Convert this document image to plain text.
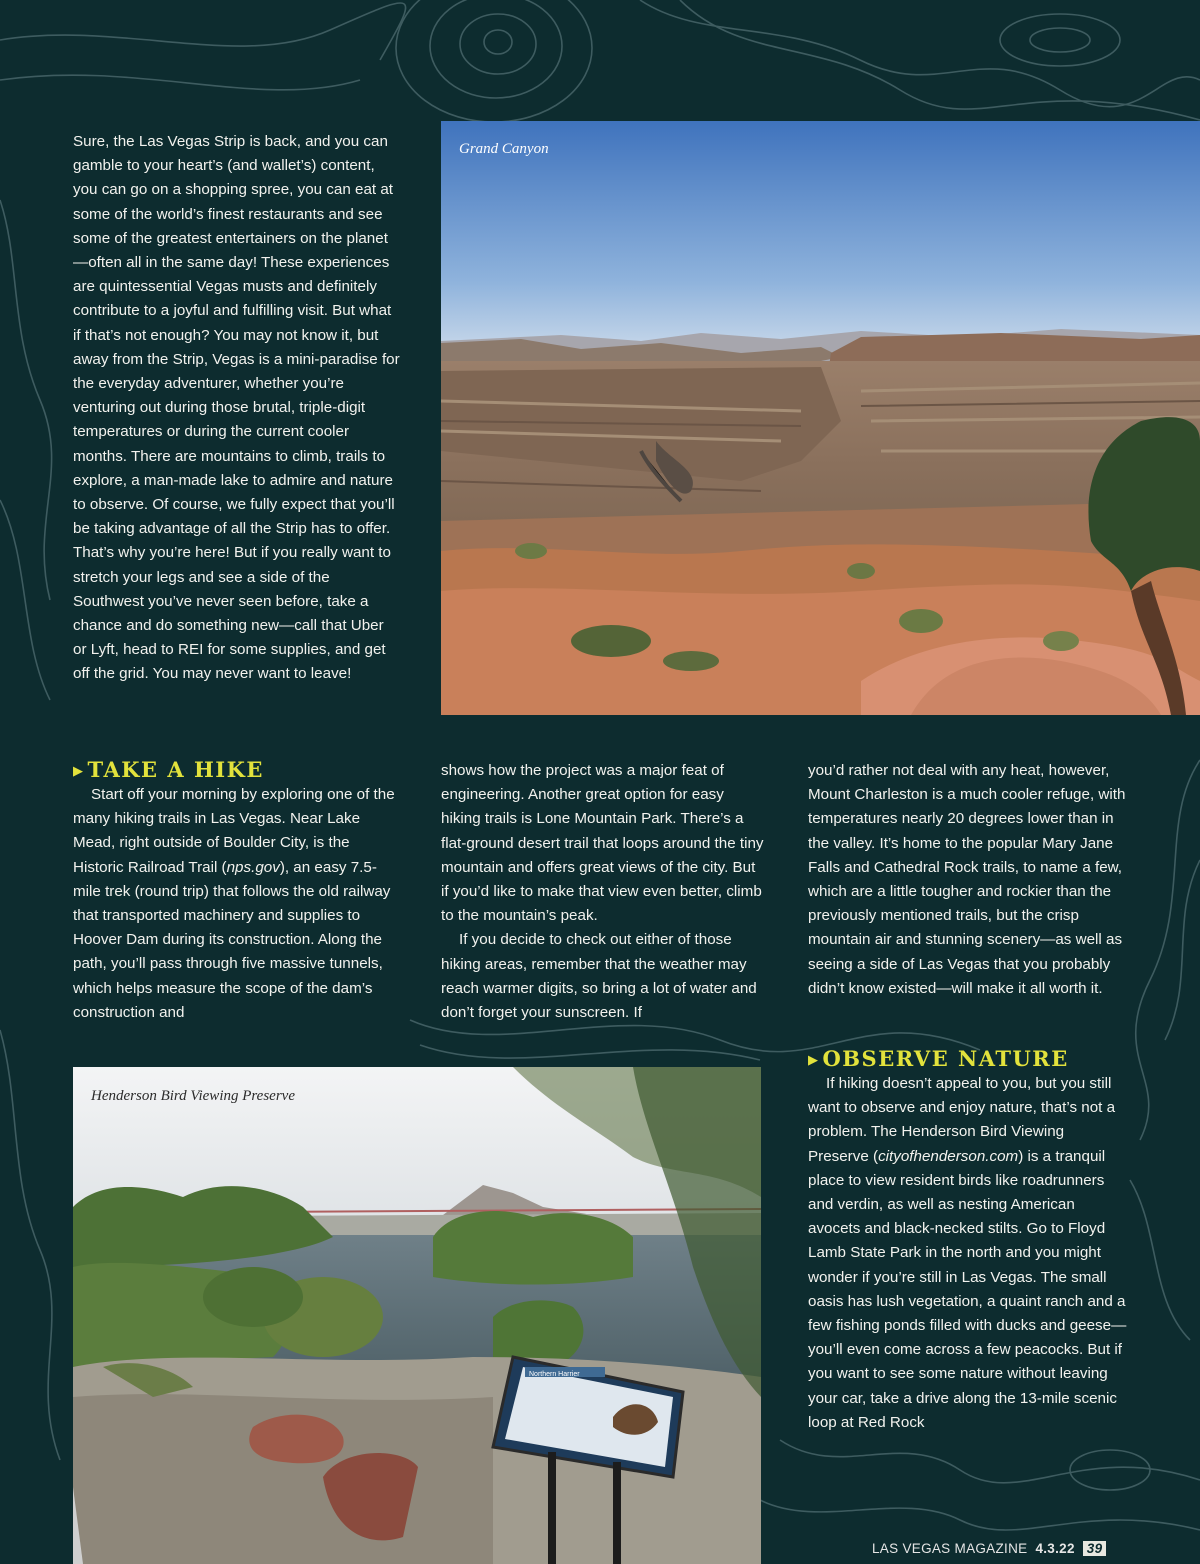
Sure, the Las Vegas Strip is back, and you can gamble to your heart’s (and wallet’s) content, you can go on a shopping spree, you can eat at some of the world’s finest restaurants and see some of the greatest entertainers on the planet—often all in the same day! These experiences are quintessential Vegas musts and definitely contribute to a joyful and fulfilling visit. But what if that’s not enough? You may not know it, but away from the Strip, Vegas is a mini-paradise for the everyday adventurer, whether you’re venturing out during those brutal, triple-digit temperatures or during the current cooler months. There are mountains to climb, trails to explore, a man-made lake to admire and nature to observe. Of course, we fully expect that you’ll be taking advantage of all the Strip has to offer. That’s why you’re here! But if you really want to stretch your legs and see a side of the Southwest you’ve never seen before, take a chance and do something new—call that Uber or Lyft, head to REI for some supplies, and get off the grid. You may never want to leave!

Grand Canyon
▶ TAKE A HIKE

Start off your morning by exploring one of the many hiking trails in Las Vegas. Near Lake Mead, right outside of Boulder City, is the Historic Railroad Trail (nps.gov), an easy 7.5-mile trek (round trip) that follows the old railway that transported machinery and supplies to Hoover Dam during its construction. Along the path, you’ll pass through five massive tunnels, which helps measure the scope of the dam’s construction and

shows how the project was a major feat of engineering. Another great option for easy hiking trails is Lone Mountain Park. There’s a flat-ground desert trail that loops around the tiny mountain and offers great views of the city. But if you’d like to make that view even better, climb to the mountain’s peak.

If you decide to check out either of those hiking areas, remember that the weather may reach warmer digits, so bring a lot of water and don’t forget your sunscreen. If

you’d rather not deal with any heat, however, Mount Charleston is a much cooler refuge, with temperatures nearly 20 degrees lower than in the valley. It’s home to the popular Mary Jane Falls and Cathedral Rock trails, to name a few, which are a little tougher and rockier than the previously mentioned trails, but the crisp mountain air and stunning scenery—as well as seeing a side of Las Vegas that you probably didn’t know existed—will make it all worth it.

▶ OBSERVE NATURE

If hiking doesn’t appeal to you, but you still want to observe and enjoy nature, that’s not a problem. The Henderson Bird Viewing Preserve (cityofhenderson.com) is a tranquil place to view resident birds like roadrunners and verdin, as well as nesting American avocets and black-necked stilts. Go to Floyd Lamb State Park in the north and you might wonder if you’re still in Las Vegas. The small oasis has lush vegetation, a quaint ranch and a few fishing ponds filled with ducks and geese—you’ll even come across a few peacocks. But if you want to see some nature without leaving your car, take a drive along the 13-mile scenic loop at Red Rock

Northern Harrier
Henderson Bird Viewing Preserve
LAS VEGAS MAGAZINE 4.3.22 39
